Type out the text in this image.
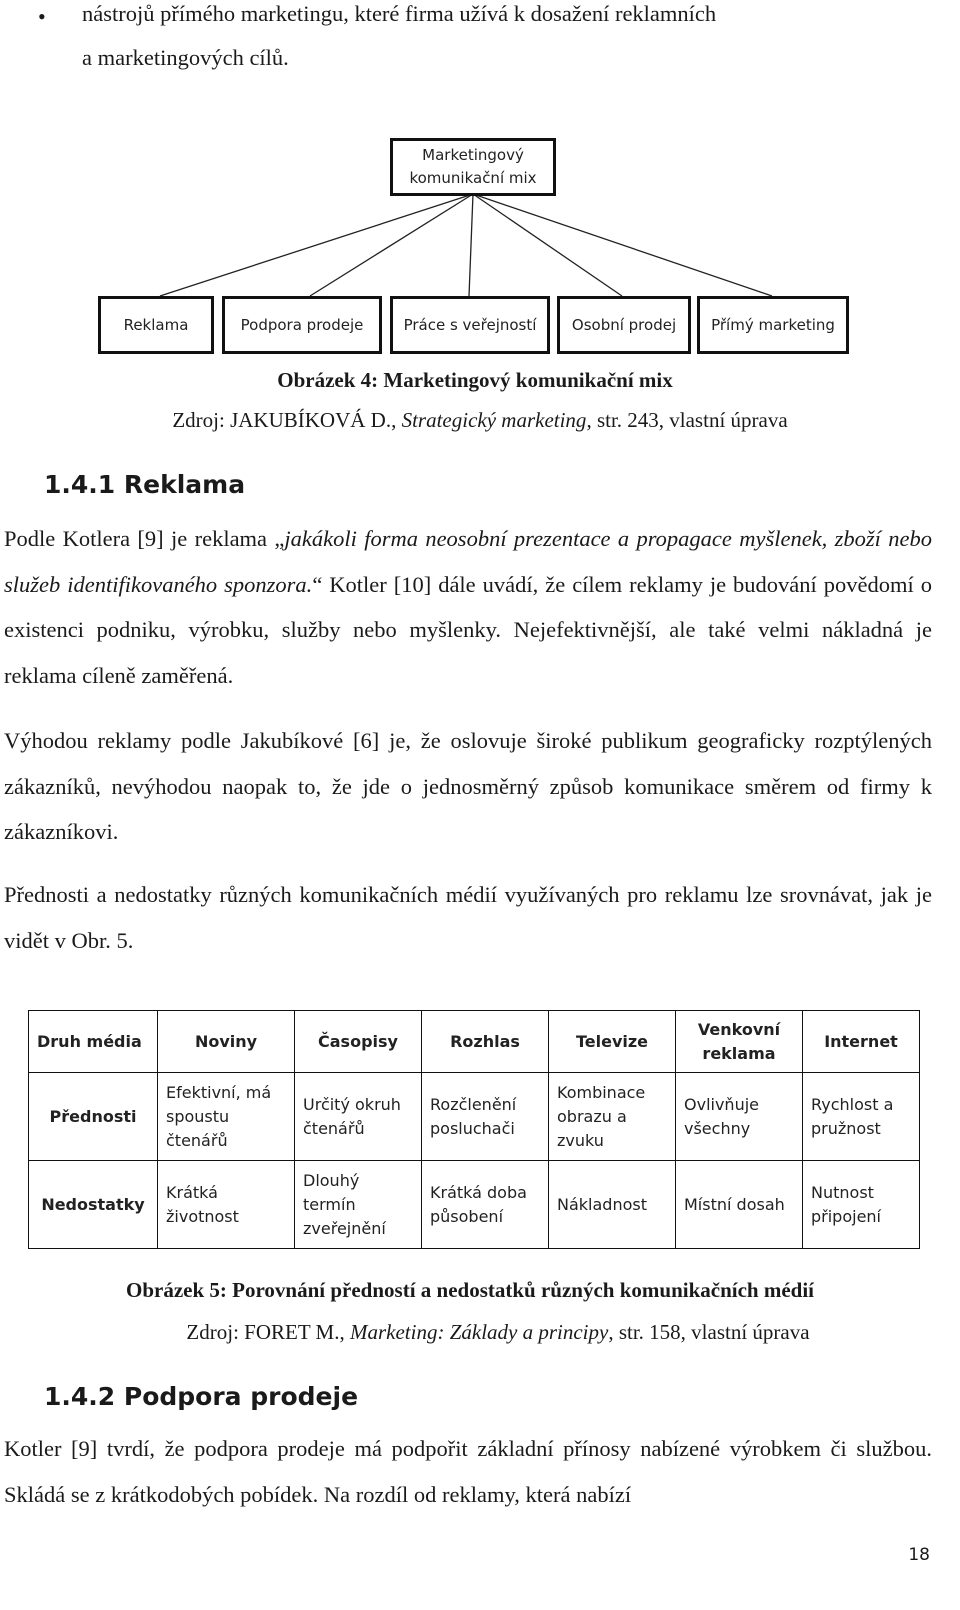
• nástrojů přímého marketingu, které firma užívá k dosažení reklamních
a marketingových cílů.
Marketingový komunikační mix
Reklama	Podpora prodeje	Práce s veřejností	Osobní prodej	Přímý marketing
Obrázek 4: Marketingový komunikační mix
Zdroj: JAKUBÍKOVÁ D., Strategický marketing, str. 243, vlastní úprava
1.4.1 Reklama

Podle Kotlera [9] je reklama „jakákoli forma neosobní prezentace a propagace myšlenek, zboží nebo služeb identifikovaného sponzora.“ Kotler [10] dále uvádí, že cílem reklamy je budování povědomí o existenci podniku, výrobku, služby nebo myšlenky. Nejefektivnější, ale také velmi nákladná je reklama cíleně zaměřená.

Výhodou reklamy podle Jakubíkové [6] je, že oslovuje široké publikum geograficky rozptýlených zákazníků, nevýhodou naopak to, že jde o jednosměrný způsob komunikace směrem od firmy k zákazníkovi.

Přednosti a nedostatky různých komunikačních médií využívaných pro reklamu lze srovnávat, jak je vidět v Obr. 5.

Druh média	Noviny	Časopisy	Rozhlas	Televize	Venkovní reklama	Internet
Přednosti	Efektivní, má spoustu čtenářů	Určitý okruh čtenářů	Rozčlenění posluchači	Kombinace obrazu a zvuku	Ovlivňuje všechny	Rychlost a pružnost
Nedostatky	Krátká životnost	Dlouhý termín zveřejnění	Krátká doba působení	Nákladnost	Místní dosah	Nutnost připojení
Obrázek 5: Porovnání předností a nedostatků různých komunikačních médií
Zdroj: FORET M., Marketing: Základy a principy, str. 158, vlastní úprava
1.4.2 Podpora prodeje

Kotler [9] tvrdí, že podpora prodeje má podpořit základní přínosy nabízené výrobkem či službou. Skládá se z krátkodobých pobídek. Na rozdíl od reklamy, která nabízí

18
